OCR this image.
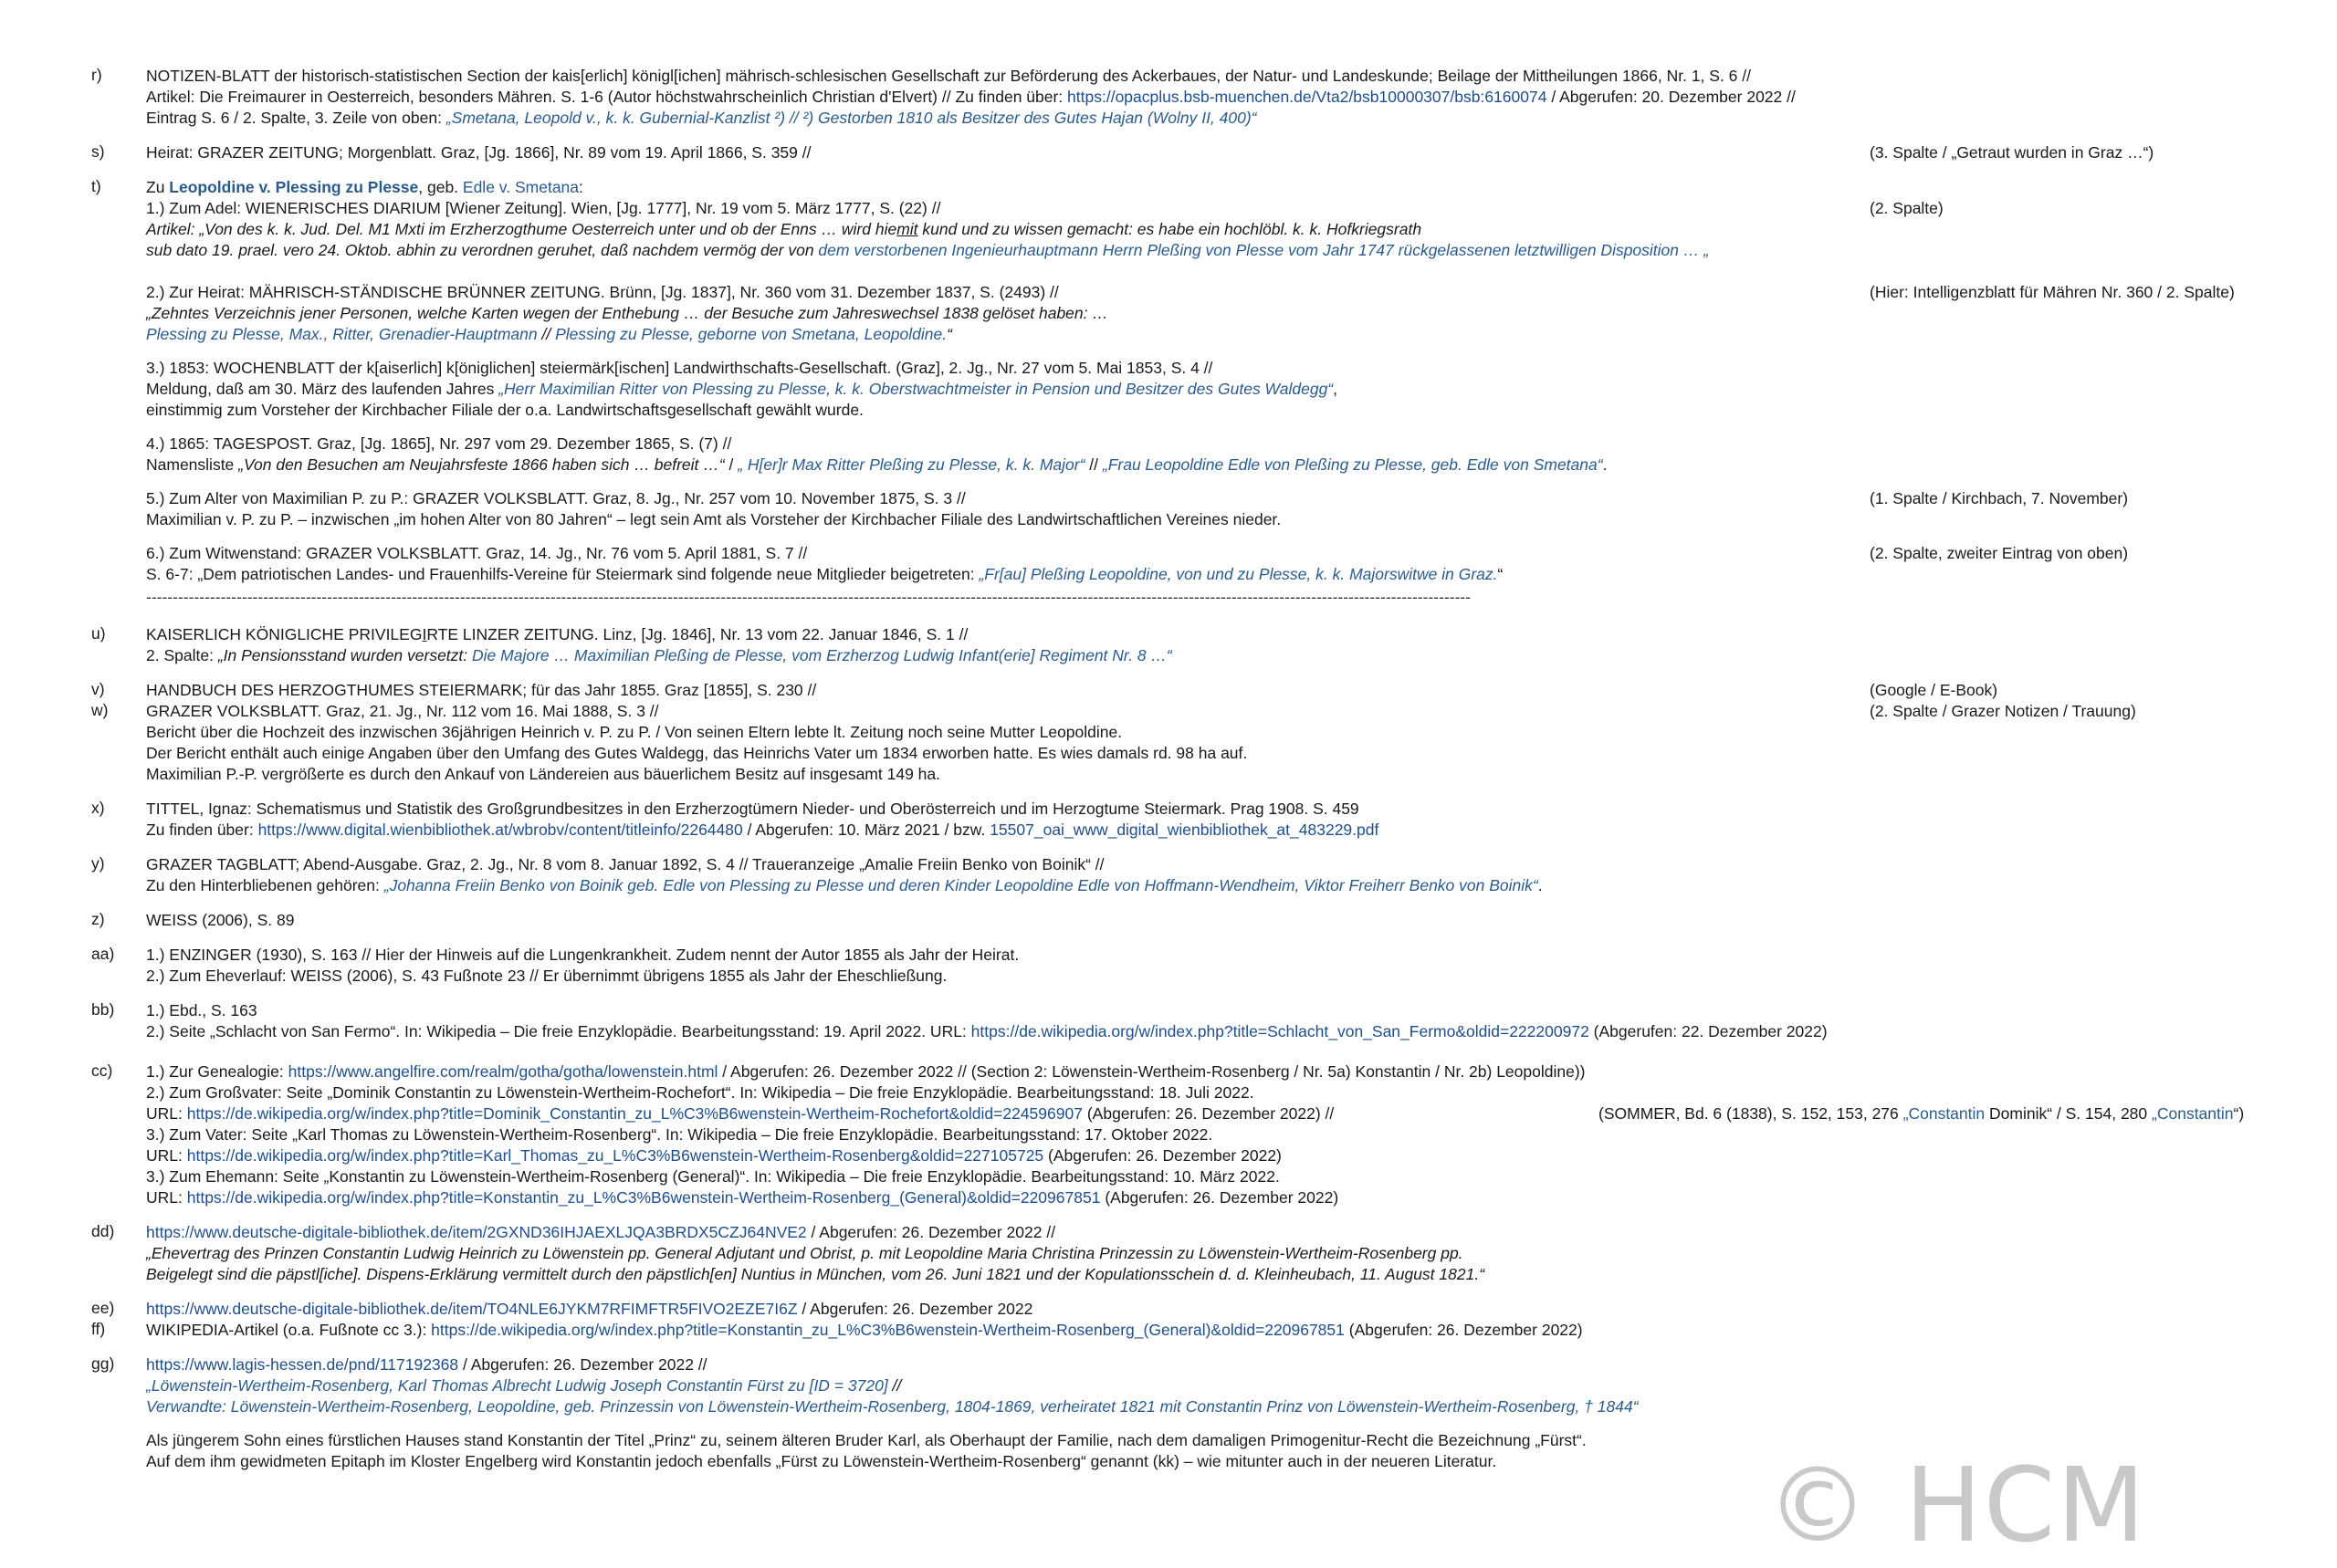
r)	NOTIZEN-BLATT der historisch-statistischen Section der kais[erlich] königl[ichen] mährisch-schlesischen Gesellschaft zur Beförderung des Ackerbaues, der Natur- und Landeskunde; Beilage der Mittheilungen 1866, Nr. 1, S. 6 //
Artikel: Die Freimaurer in Oesterreich, besonders Mähren. S. 1-6 (Autor höchstwahrscheinlich Christian d'Elvert) // Zu finden über: https://opacplus.bsb-muenchen.de/Vta2/bsb10000307/bsb:6160074 / Abgerufen: 20. Dezember 2022 //
Eintrag S. 6 / 2. Spalte, 3. Zeile von oben: „Smetana, Leopold v., k. k. Gubernial-Kanzlist ²) // ²) Gestorben 1810 als Besitzer des Gutes Hajan (Wolny II, 400)“
s)	Heirat: GRAZER ZEITUNG; Morgenblatt. Graz, [Jg. 1866], Nr. 89 vom 19. April 1866, S. 359 //	(3. Spalte / „Getraut wurden in Graz …“)
t)	Zu Leopoldine v. Plessing zu Plesse, geb. Edle v. Smetana:
1.) Zum Adel: WIENERISCHES DIARIUM [Wiener Zeitung]. Wien, [Jg. 1777], Nr. 19 vom 5. März 1777, S. (22) //	(2. Spalte)
Artikel: „Von des k. k. Jud. Del. M1 Mxti im Erzherzogthume Oesterreich unter und ob der Enns … wird hiemit kund und zu wissen gemacht: es habe ein hochlöbl. k. k. Hofkriegsrath
sub dato 19. prael. vero 24. Oktob. abhin zu verordnen geruhet, daß nachdem vermög der von dem verstorbenen Ingenieurhauptmann Herrn Pleßing von Plesse vom Jahr 1747 rückgelassenen letztwilligen Disposition … „
2.) Zur Heirat: MÄHRISCH-STÄNDISCHE BRÜNNER ZEITUNG. Brünn, [Jg. 1837], Nr. 360 vom 31. Dezember 1837, S. (2493) //	(Hier: Intelligenzblatt für Mähren Nr. 360 / 2. Spalte)
„Zehntes Verzeichnis jener Personen, welche Karten wegen der Enthebung … der Besuche zum Jahreswechsel 1838 gelöset haben: …
Plessing zu Plesse, Max., Ritter, Grenadier-Hauptmann // Plessing zu Plesse, geborne von Smetana, Leopoldine.“
3.) 1853: WOCHENBLATT der k[aiserlich] k[öniglichen] steiermärk[ischen] Landwirthschafts-Gesellschaft. (Graz], 2. Jg., Nr. 27 vom 5. Mai 1853, S. 4 //
Meldung, daß am 30. März des laufenden Jahres „Herr Maximilian Ritter von Plessing zu Plesse, k. k. Oberstwachtmeister in Pension und Besitzer des Gutes Waldegg“,
einstimmig zum Vorsteher der Kirchbacher Filiale der o.a. Landwirtschaftsgesellschaft gewählt wurde.
4.) 1865: TAGESPOST. Graz, [Jg. 1865], Nr. 297 vom 29. Dezember 1865, S. (7) //
Namensliste „Von den Besuchen am Neujahrsfeste 1866 haben sich … befreit …“ / „ H[er]r Max Ritter Pleßing zu Plesse, k. k. Major“ // „Frau Leopoldine Edle von Pleßing zu Plesse, geb. Edle von Smetana“.
5.) Zum Alter von Maximilian P. zu P.: GRAZER VOLKSBLATT. Graz, 8. Jg., Nr. 257 vom 10. November 1875, S. 3 //	(1. Spalte / Kirchbach, 7. November)
Maximilian v. P. zu P. – inzwischen „im hohen Alter von 80 Jahren“ – legt sein Amt als Vorsteher der Kirchbacher Filiale des Landwirtschaftlichen Vereines nieder.
6.) Zum Witwenstand: GRAZER VOLKSBLATT. Graz, 14. Jg., Nr. 76 vom 5. April 1881, S. 7 //	(2. Spalte, zweiter Eintrag von oben)
S. 6-7: „Dem patriotischen Landes- und Frauenhilfs-Vereine für Steiermark sind folgende neue Mitglieder beigetreten: „Fr[au] Pleßing Leopoldine, von und zu Plesse, k. k. Majorswitwe in Graz.“
---------------------------------------------------------------------------------------------------------------------------------------------------------------------------------------------------------------------------------------------------------
u)	KAISERLICH KÖNIGLICHE PRIVILEGIRTE LINZER ZEITUNG. Linz, [Jg. 1846], Nr. 13 vom 22. Januar 1846, S. 1 //
2. Spalte: „In Pensionsstand wurden versetzt: Die Majore … Maximilian Pleßing de Plesse, vom Erzherzog Ludwig Infant(erie] Regiment Nr. 8 …“
v)	HANDBUCH DES HERZOGTHUMES STEIERMARK; für das Jahr 1855. Graz [1855], S. 230 //	(Google / E-Book)
w)	GRAZER VOLKSBLATT. Graz, 21. Jg., Nr. 112 vom 16. Mai 1888, S. 3 //	(2. Spalte / Grazer Notizen / Trauung)
Bericht über die Hochzeit des inzwischen 36jährigen Heinrich v. P. zu P. / Von seinen Eltern lebte lt. Zeitung noch seine Mutter Leopoldine.
Der Bericht enthält auch einige Angaben über den Umfang des Gutes Waldegg, das Heinrichs Vater um 1834 erworben hatte. Es wies damals rd. 98 ha auf.
Maximilian P.-P. vergrößerte es durch den Ankauf von Ländereien aus bäuerlichem Besitz auf insgesamt 149 ha.
x)	TITTEL, Ignaz: Schematismus und Statistik des Großgrundbesitzes in den Erzherzogtümern Nieder- und Oberösterreich und im Herzogtume Steiermark. Prag 1908. S. 459
Zu finden über: https://www.digital.wienbibliothek.at/wbrobv/content/titleinfo/2264480 / Abgerufen: 10. März 2021 / bzw. 15507_oai_www_digital_wienbibliothek_at_483229.pdf
y)	GRAZER TAGBLATT; Abend-Ausgabe. Graz, 2. Jg., Nr. 8 vom 8. Januar 1892, S. 4 // Traueranzeige „Amalie Freiin Benko von Boinik“ //
Zu den Hinterbliebenen gehören: „Johanna Freiin Benko von Boinik geb. Edle von Plessing zu Plesse und deren Kinder Leopoldine Edle von Hoffmann-Wendheim, Viktor Freiherr Benko von Boinik“.
z)	WEISS (2006), S. 89
aa)	1.) ENZINGER (1930), S. 163 // Hier der Hinweis auf die Lungenkrankheit. Zudem nennt der Autor 1855 als Jahr der Heirat.
2.) Zum Eheverlauf: WEISS (2006), S. 43 Fußnote 23 // Er übernimmt übrigens 1855 als Jahr der Eheschließung.
bb)	1.) Ebd., S. 163
2.) Seite „Schlacht von San Fermo“. In: Wikipedia – Die freie Enzyklopädie. Bearbeitungsstand: 19. April 2022. URL: https://de.wikipedia.org/w/index.php?title=Schlacht_von_San_Fermo&oldid=222200972 (Abgerufen: 22. Dezember 2022)
cc)	1.) Zur Genealogie: https://www.angelfire.com/realm/gotha/gotha/lowenstein.html / Abgerufen: 26. Dezember 2022 // (Section 2: Löwenstein-Wertheim-Rosenberg / Nr. 5a) Konstantin / Nr. 2b) Leopoldine))
2.) Zum Großvater: Seite „Dominik Constantin zu Löwenstein-Wertheim-Rochefort“. In: Wikipedia – Die freie Enzyklopädie. Bearbeitungsstand: 18. Juli 2022.
URL: https://de.wikipedia.org/w/index.php?title=Dominik_Constantin_zu_L%C3%B6wenstein-Wertheim-Rochefort&oldid=224596907 (Abgerufen: 26. Dezember 2022) //	(SOMMER, Bd. 6 (1838), S. 152, 153, 276 „Constantin Dominik“ / S. 154, 280 „Constantin“)
3.) Zum Vater: Seite „Karl Thomas zu Löwenstein-Wertheim-Rosenberg“. In: Wikipedia – Die freie Enzyklopädie. Bearbeitungsstand: 17. Oktober 2022.
URL: https://de.wikipedia.org/w/index.php?title=Karl_Thomas_zu_L%C3%B6wenstein-Wertheim-Rosenberg&oldid=227105725 (Abgerufen: 26. Dezember 2022)
3.) Zum Ehemann: Seite „Konstantin zu Löwenstein-Wertheim-Rosenberg (General)“. In: Wikipedia – Die freie Enzyklopädie. Bearbeitungsstand: 10. März 2022.
URL: https://de.wikipedia.org/w/index.php?title=Konstantin_zu_L%C3%B6wenstein-Wertheim-Rosenberg_(General)&oldid=220967851 (Abgerufen: 26. Dezember 2022)
dd)	https://www.deutsche-digitale-bibliothek.de/item/2GXND36IHJAEXLJQA3BRDX5CZJ64NVE2 / Abgerufen: 26. Dezember 2022 //
„Ehevertrag des Prinzen Constantin Ludwig Heinrich zu Löwenstein pp. General Adjutant und Obrist, p. mit Leopoldine Maria Christina Prinzessin zu Löwenstein-Wertheim-Rosenberg pp.
Beigelegt sind die päpstl[iche]. Dispens-Erklärung vermittelt durch den päpstlich[en] Nuntius in München, vom 26. Juni 1821 und der Kopulationsschein d. d. Kleinheubach, 11. August 1821.“
ee)	https://www.deutsche-digitale-bibliothek.de/item/TO4NLE6JYKM7RFIMFTR5FIVO2EZE7I6Z / Abgerufen: 26. Dezember 2022
ff)	WIKIPEDIA-Artikel (o.a. Fußnote cc 3.): https://de.wikipedia.org/w/index.php?title=Konstantin_zu_L%C3%B6wenstein-Wertheim-Rosenberg_(General)&oldid=220967851 (Abgerufen: 26. Dezember 2022)
gg)	https://www.lagis-hessen.de/pnd/117192368 / Abgerufen: 26. Dezember 2022 //
„Löwenstein-Wertheim-Rosenberg, Karl Thomas Albrecht Ludwig Joseph Constantin Fürst zu [ID = 3720] //
Verwandte: Löwenstein-Wertheim-Rosenberg, Leopoldine, geb. Prinzessin von Löwenstein-Wertheim-Rosenberg, 1804-1869, verheiratet 1821 mit Constantin Prinz von Löwenstein-Wertheim-Rosenberg, † 1844“
Als jüngerem Sohn eines fürstlichen Hauses stand Konstantin der Titel „Prinz“ zu, seinem älteren Bruder Karl, als Oberhaupt der Familie, nach dem damaligen Primogenitur-Recht die Bezeichnung „Fürst“.
Auf dem ihm gewidmeten Epitaph im Kloster Engelberg wird Konstantin jedoch ebenfalls „Fürst zu Löwenstein-Wertheim-Rosenberg“ genannt (kk) – wie mitunter auch in der neueren Literatur.	© HCM
